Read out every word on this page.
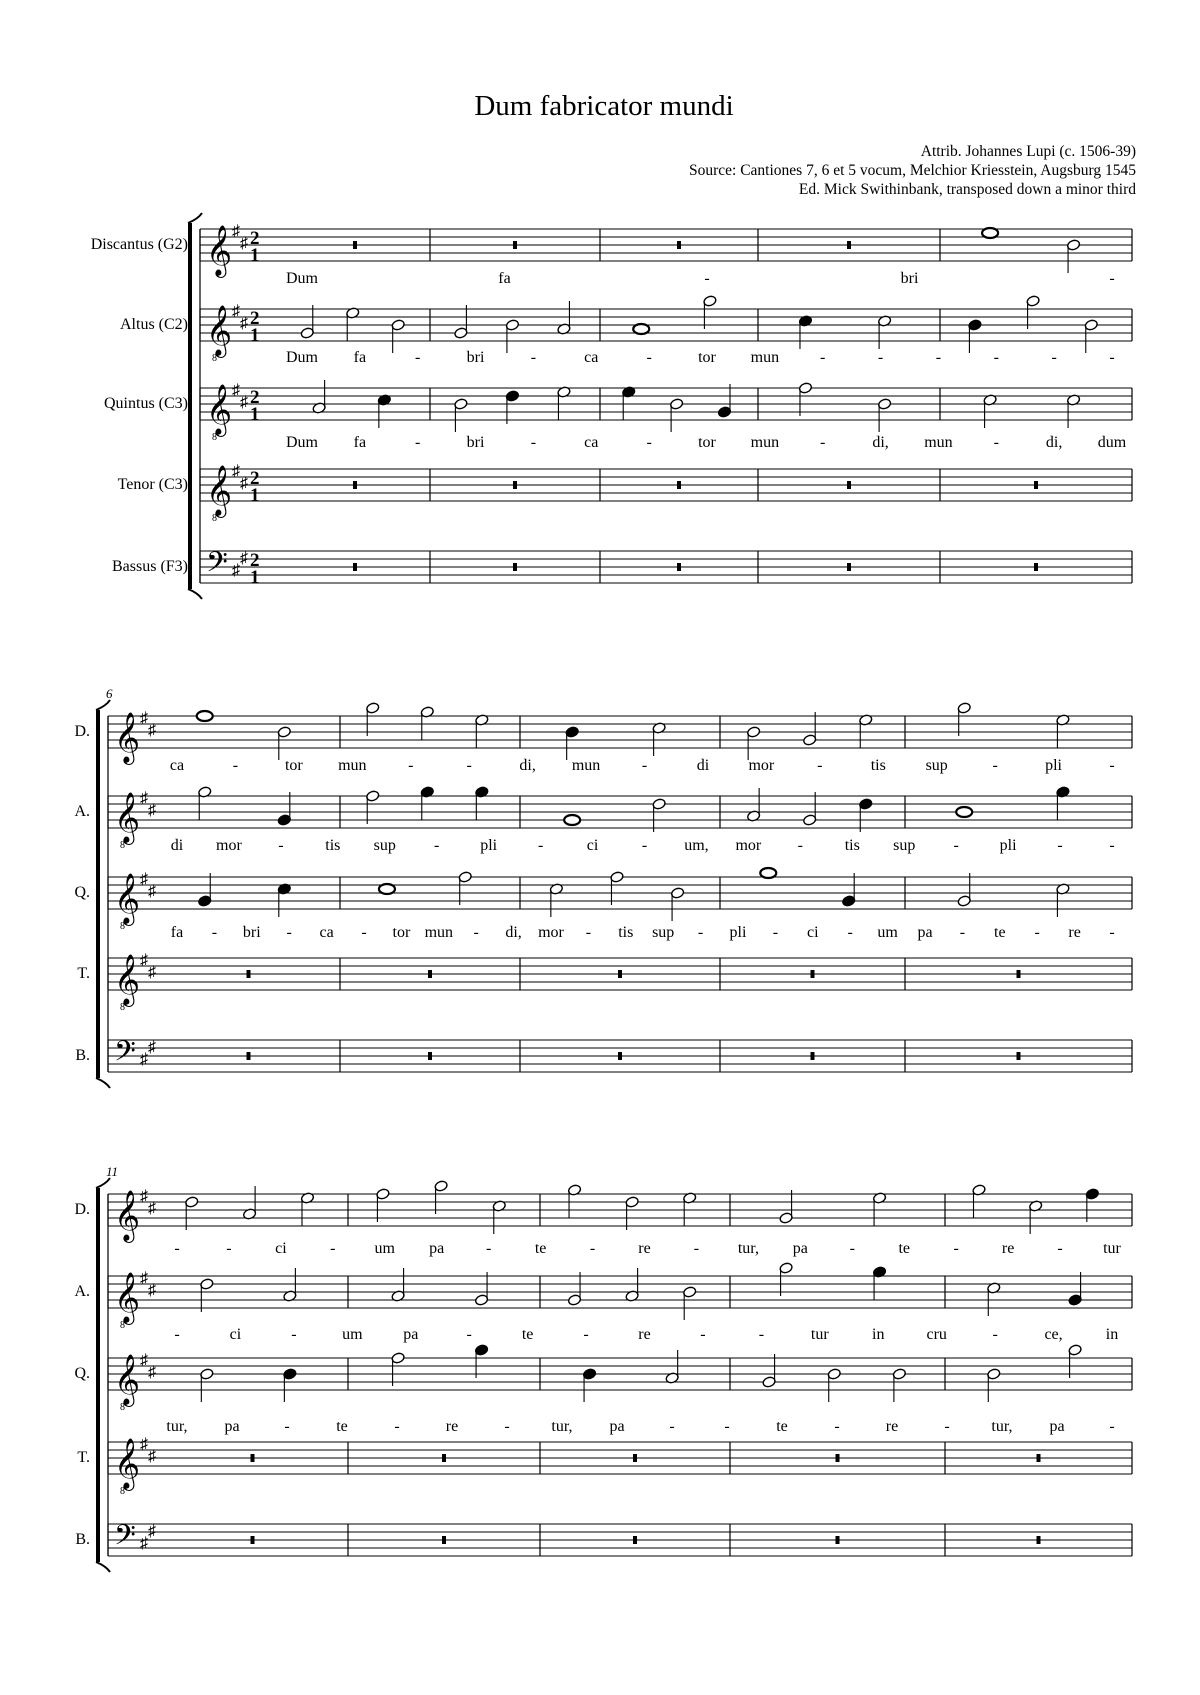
Dum fabricator mundi
Attrib. Johannes Lupi (c. 1506-39)
Source: Cantiones 7, 6 et 5 vocum, Melchior Kriesstein, Augsburg 1545
Ed. Mick Swithinbank, transposed down a minor third
Discantus (G2) 𝄞 ♯
♯ 2
1
Dum	fa	-	bri	-
Altus (C2) 𝄞
8
♯
♯ 2
1
Dum fa	-	bri	-	ca	-	tor mun	-	-	-	-	-	-
Quintus (C3) 𝄞
8
♯
♯ 2
1
Dum fa	-	bri	-	ca	-	tor mun	-	di, mun	-	di, dum
Tenor (C3) 𝄞
8
♯
♯ 2
1
Bassus (F3) 𝄢 ♯
♯ 2
1
6
D. 𝄞 ♯
♯
ca	-	tor mun	-	-	di, mun	-	di mor	-	tis sup	-	pli	-
A. 𝄞
8
♯
♯
di mor -	tis sup -	pli	-	ci	- um, mor -	tis sup -	pli	-	-
Q. 𝄞
8
♯
♯
fa - bri - ca - tor mun - di, mor - tis sup - pli - ci - um pa - te - re -
T. 𝄞
8
♯
♯
B. 𝄢 ♯
♯
11
D. 𝄞 ♯
♯
-	-	ci	- um pa	-	te	-	re	- tur, pa	-	te	-	re	-	tur
A. 𝄞
8
♯
♯
-	ci	-	um	pa	-	te	-	re	-	-	tur	in	cru	-	ce,	in
Q. 𝄞
8
♯
♯
tur, pa	-	te	-	re	-	tur, pa	-	-	te	-	re	-	tur, pa	-
T. 𝄞
8
♯
♯
B. 𝄢 ♯
♯
